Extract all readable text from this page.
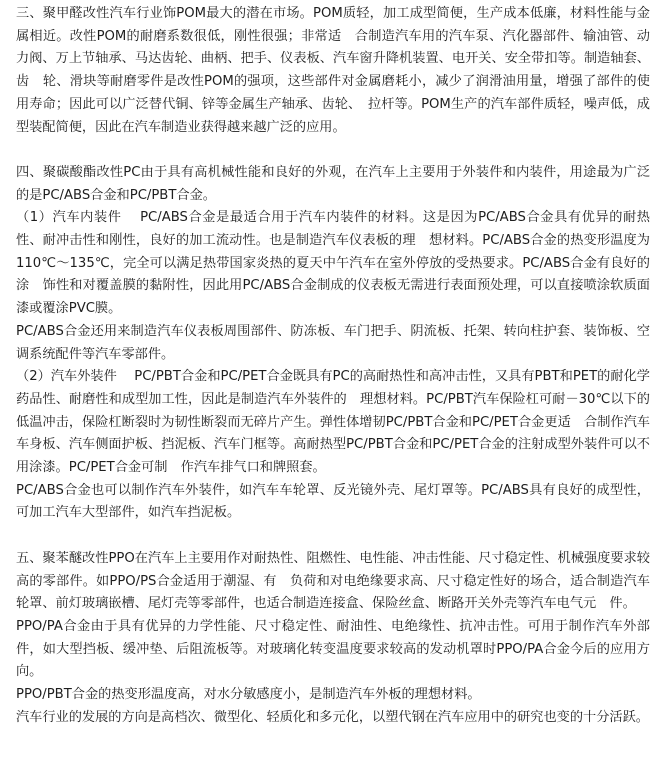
三、聚甲醛改性汽车行业饰POM最大的潜在市场。POM质轻，加工成型简便，生产成本低廉，材料性能与金属相近。改性POM的耐磨系数很低，刚性很强；非常适　合制造汽车用的汽车泵、汽化器部件、输油管、动力阀、万上节轴承、马达齿轮、曲柄、把手、仪表板、汽车窗升降机装置、电开关、安全带扣等。制造轴套、齿　轮、滑块等耐磨零件是改性POM的强项，这些部件对金属磨耗小，减少了润滑油用量，增强了部件的使用寿命；因此可以广泛替代铜、锌等金属生产轴承、齿轮、　拉杆等。POM生产的汽车部件质轻，噪声低，成型装配简便，因此在汽车制造业获得越来越广泛的应用。

四、聚碳酸酯改性PC由于具有高机械性能和良好的外观，在汽车上主要用于外装件和内装件，用途最为广泛的是PC/ABS合金和PC/PBT合金。

（1）汽车内装件　 PC/ABS合金是最适合用于汽车内装件的材料。这是因为PC/ABS合金具有优异的耐热性、耐冲击性和刚性，良好的加工流动性。也是制造汽车仪表板的理　想材料。PC/ABS合金的热变形温度为110℃～135℃，完全可以满足热带国家炎热的夏天中午汽车在室外停放的受热要求。PC/ABS合金有良好的涂　饰性和对覆盖膜的黏附性，因此用PC/ABS合金制成的仪表板无需进行表面预处理，可以直接喷涂软质面漆或覆涂PVC膜。

PC/ABS合金还用来制造汽车仪表板周围部件、防冻板、车门把手、阴流板、托架、转向柱护套、装饰板、空调系统配件等汽车零部件。

（2）汽车外装件　 PC/PBT合金和PC/PET合金既具有PC的高耐热性和高冲击性，又具有PBT和PET的耐化学药品性、耐磨性和成型加工性，因此是制造汽车外装件的　理想材料。PC/PBT汽车保险杠可耐－30℃以下的低温冲击，保险杠断裂时为韧性断裂而无碎片产生。弹性体增韧PC/PBT合金和PC/PET合金更适　合制作汽车车身板、汽车侧面护板、挡泥板、汽车门框等。高耐热型PC/PBT合金和PC/PET合金的注射成型外装件可以不用涂漆。PC/PET合金可制　作汽车排气口和牌照套。

PC/ABS合金也可以制作汽车外装件，如汽车车轮罩、反光镜外壳、尾灯罩等。PC/ABS具有良好的成型性，可加工汽车大型部件，如汽车挡泥板。

五、聚苯醚改性PPO在汽车上主要用作对耐热性、阻燃性、电性能、冲击性能、尺寸稳定性、机械强度要求较高的零部件。如PPO/PS合金适用于潮湿、有　负荷和对电绝缘要求高、尺寸稳定性好的场合，适合制造汽车轮罩、前灯玻璃嵌槽、尾灯壳等零部件，也适合制造连接盒、保险丝盒、断路开关外壳等汽车电气元　件。

PPO/PA合金由于具有优异的力学性能、尺寸稳定性、耐油性、电绝缘性、抗冲击性。可用于制作汽车外部件，如大型挡板、缓冲垫、后阻流板等。对玻璃化转变温度要求较高的发动机罩时PPO/PA合金今后的应用方向。

PPO/PBT合金的热变形温度高，对水分敏感度小，是制造汽车外板的理想材料。

汽车行业的发展的方向是高档次、微型化、轻质化和多元化，以塑代钢在汽车应用中的研究也变的十分活跃。
